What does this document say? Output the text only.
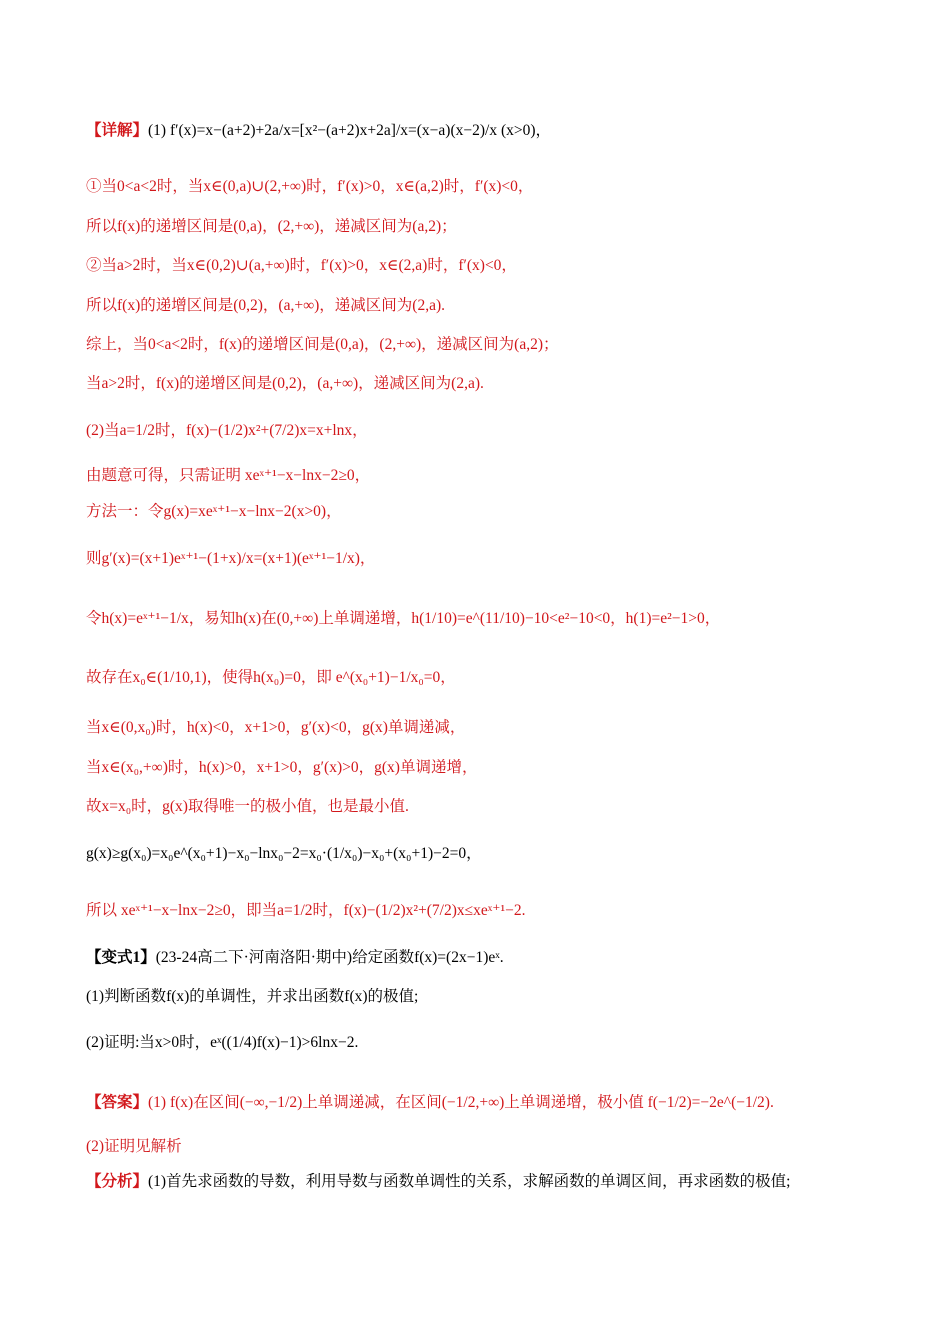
【详解】(1) f′(x)=x−(a+2)+2a/x=[x²−(a+2)x+2a]/x=(x−a)(x−2)/x (x>0)，
①当0<a<2时，当x∈(0,a)∪(2,+∞)时，f′(x)>0，x∈(a,2)时，f′(x)<0，
所以f(x)的递增区间是(0,a)，(2,+∞)，递减区间为(a,2)；
②当a>2时，当x∈(0,2)∪(a,+∞)时，f′(x)>0，x∈(2,a)时，f′(x)<0，
所以f(x)的递增区间是(0,2)，(a,+∞)，递减区间为(2,a).
综上，当0<a<2时，f(x)的递增区间是(0,a)，(2,+∞)，递减区间为(a,2)；
当a>2时，f(x)的递增区间是(0,2)，(a,+∞)，递减区间为(2,a).
(2)当a=1/2时，f(x)−(1/2)x²+(7/2)x=x+lnx，
由题意可得，只需证明 xeˣ⁺¹−x−lnx−2≥0，
方法一：令g(x)=xeˣ⁺¹−x−lnx−2(x>0)，
则g′(x)=(x+1)eˣ⁺¹−(1+x)/x=(x+1)(eˣ⁺¹−1/x)，
令h(x)=eˣ⁺¹−1/x，易知h(x)在(0,+∞)上单调递增，h(1/10)=e^(11/10)−10<e²−10<0，h(1)=e²−1>0，
故存在x₀∈(1/10,1)，使得h(x₀)=0，即 e^(x₀+1)−1/x₀=0，
当x∈(0,x₀)时，h(x)<0，x+1>0，g′(x)<0，g(x)单调递减，
当x∈(x₀,+∞)时，h(x)>0，x+1>0，g′(x)>0，g(x)单调递增，
故x=x₀时，g(x)取得唯一的极小值，也是最小值.
g(x)≥g(x₀)=x₀e^(x₀+1)−x₀−lnx₀−2=x₀·(1/x₀)−x₀+(x₀+1)−2=0，
所以 xeˣ⁺¹−x−lnx−2≥0，即当a=1/2时，f(x)−(1/2)x²+(7/2)x≤xeˣ⁺¹−2.
【变式1】(23-24高二下·河南洛阳·期中)给定函数f(x)=(2x−1)eˣ.
(1)判断函数f(x)的单调性，并求出函数f(x)的极值;
(2)证明:当x>0时，eˣ((1/4)f(x)−1)>6lnx−2.
【答案】(1) f(x)在区间(−∞,−1/2)上单调递减，在区间(−1/2,+∞)上单调递增，极小值 f(−1/2)=−2e^(−1/2).
(2)证明见解析
【分析】(1)首先求函数的导数，利用导数与函数单调性的关系，求解函数的单调区间，再求函数的极值;
